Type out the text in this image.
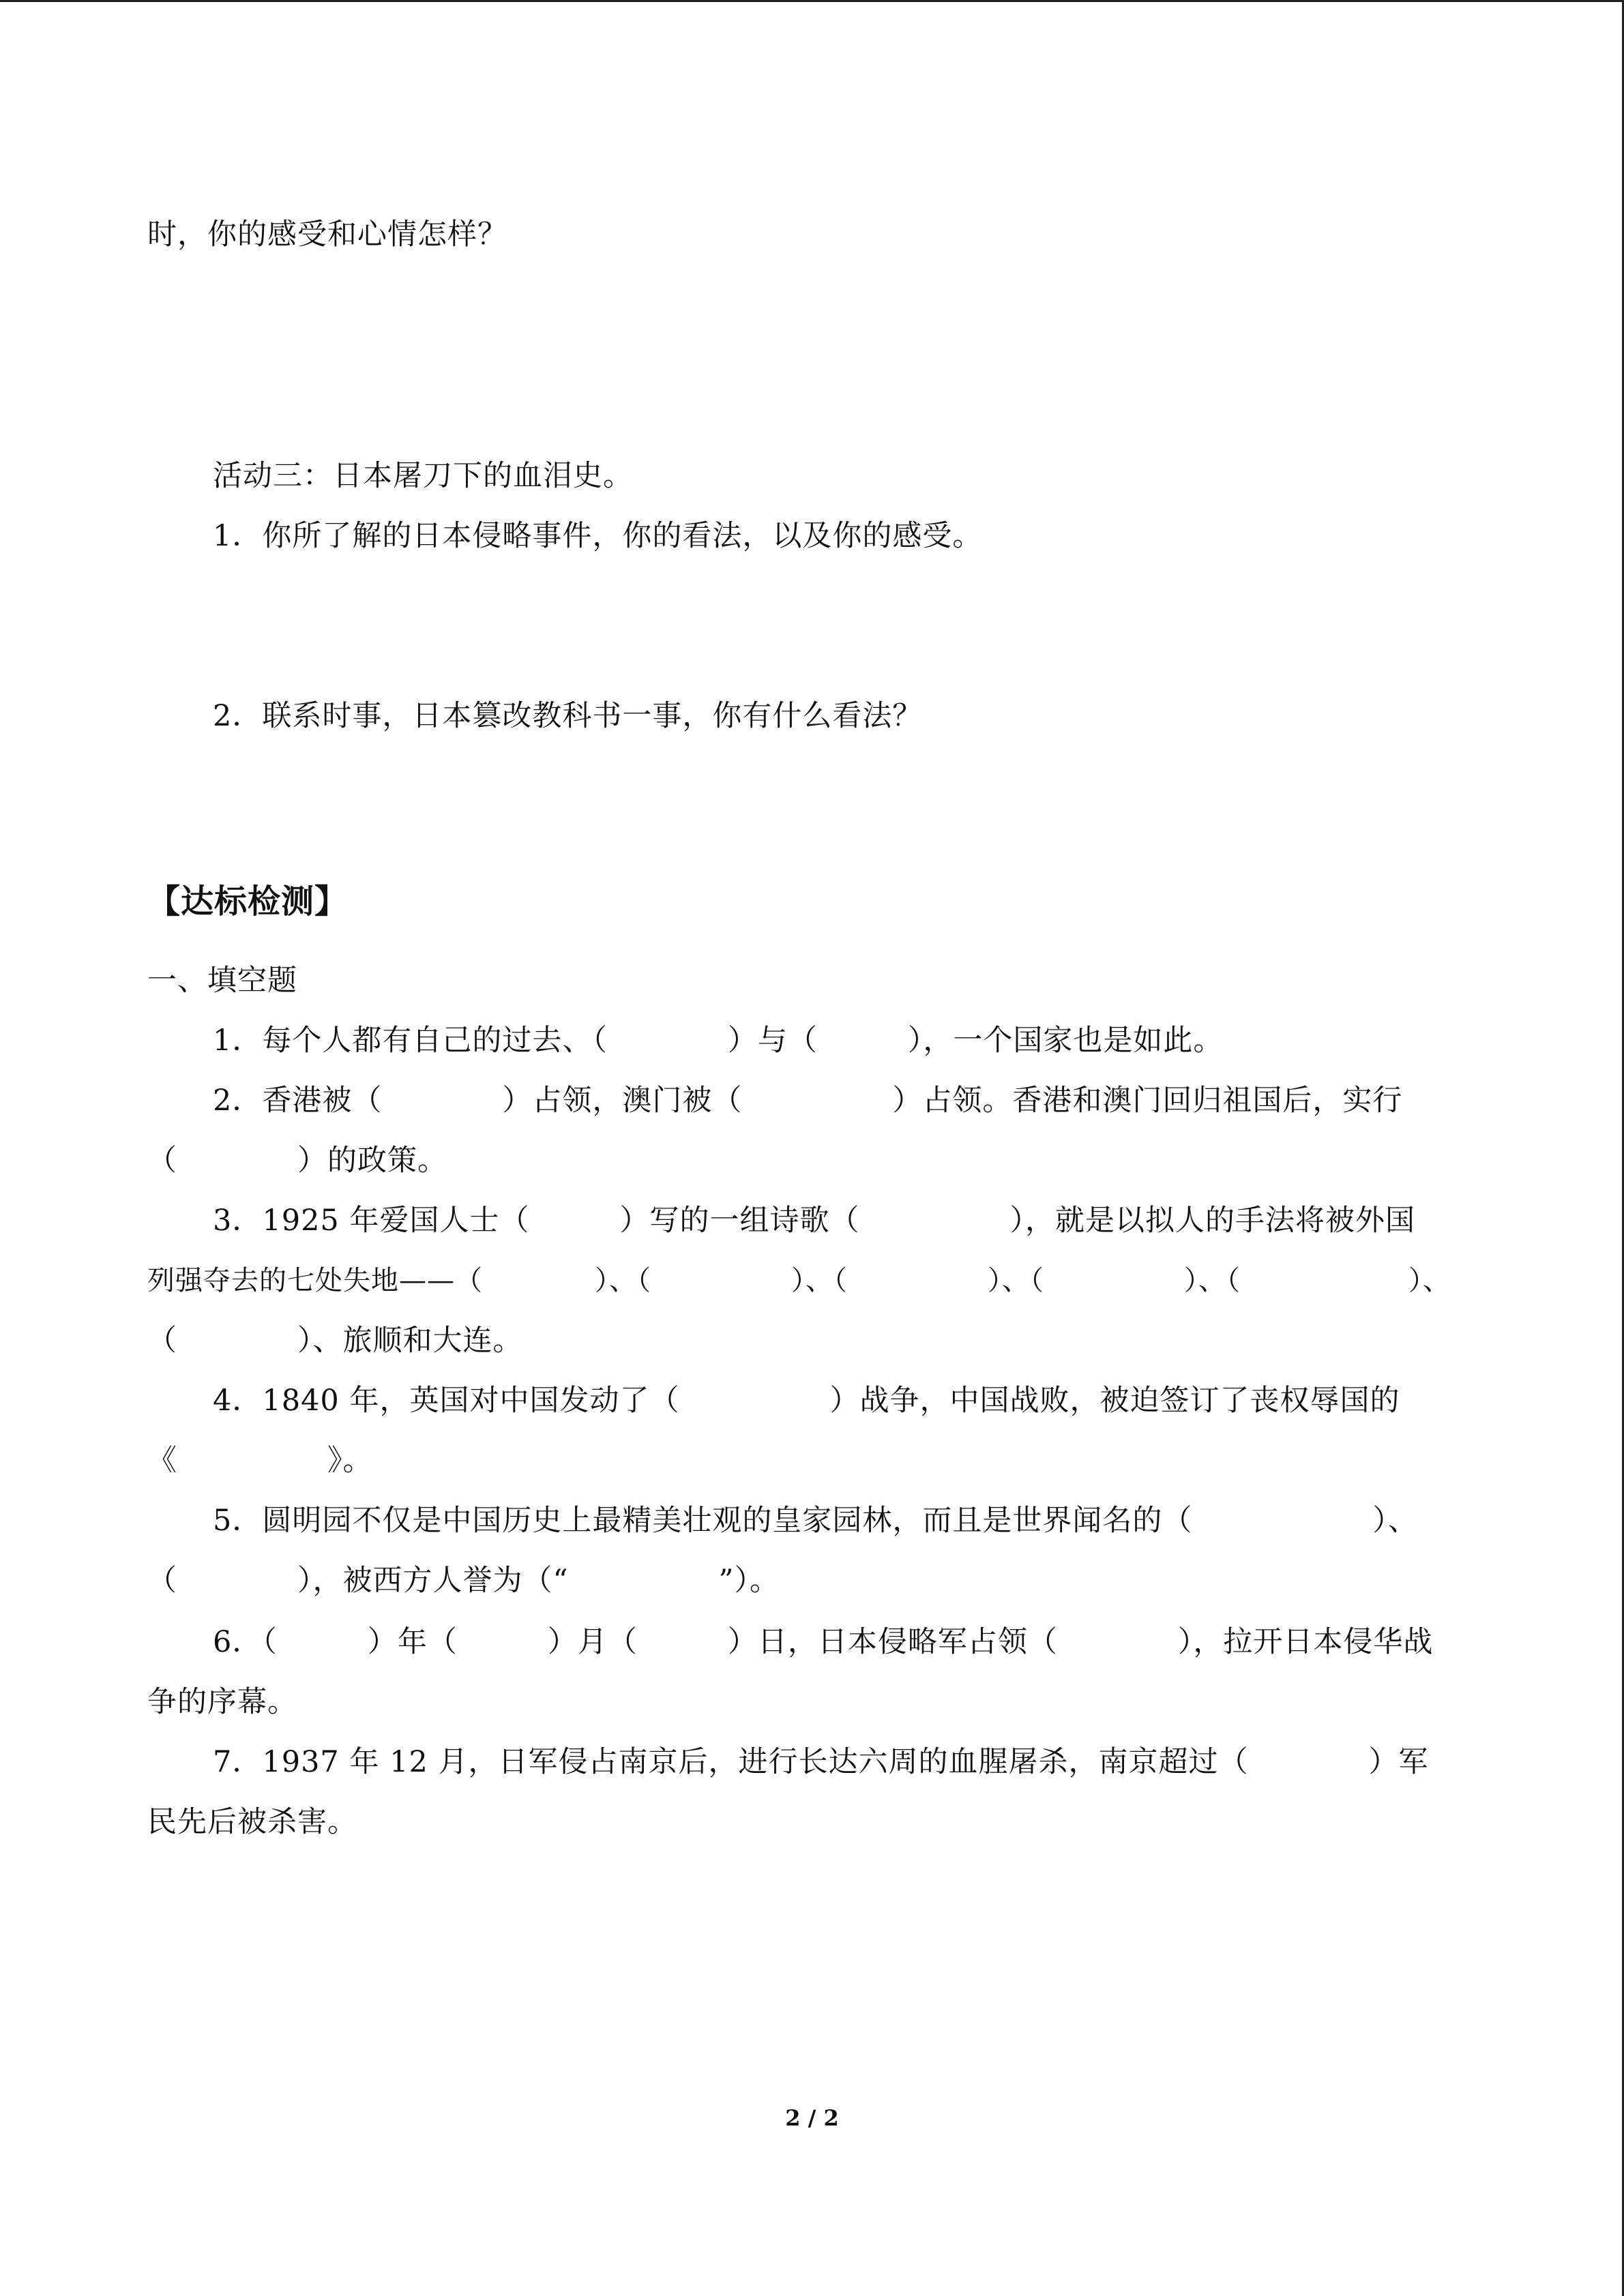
时，你的感受和心情怎样？
活动三：日本屠刀下的血泪史。
1．你所了解的日本侵略事件，你的看法，以及你的感受。
2．联系时事，日本篡改教科书一事，你有什么看法？
【达标检测】
一、填空题
1．每个人都有自己的过去、（　　　　）与（　　　），一个国家也是如此。
2．香港被（　　　　）占领，澳门被（　　　　　）占领。香港和澳门回归祖国后，实行
（　　　　）的政策。
3．1925 年爱国人士（　　　）写的一组诗歌（　　　　　），就是以拟人的手法将被外国
列强夺去的七处失地——（　　　　）、（　　　　　）、（　　　　　）、（　　　　　）、（　　　　　　）、
（　　　　）、旅顺和大连。
4．1840 年，英国对中国发动了（　　　　　）战争，中国战败，被迫签订了丧权辱国的
《　　　　　》。
5．圆明园不仅是中国历史上最精美壮观的皇家园林，而且是世界闻名的（　　　　　　）、
（　　　　），被西方人誉为（“　　　　　”）。
6．（　　　）年（　　　）月（　　　）日，日本侵略军占领（　　　　），拉开日本侵华战
争的序幕。
7．1937 年 12 月，日军侵占南京后，进行长达六周的血腥屠杀，南京超过（　　　　）军
民先后被杀害。
2 / 2
